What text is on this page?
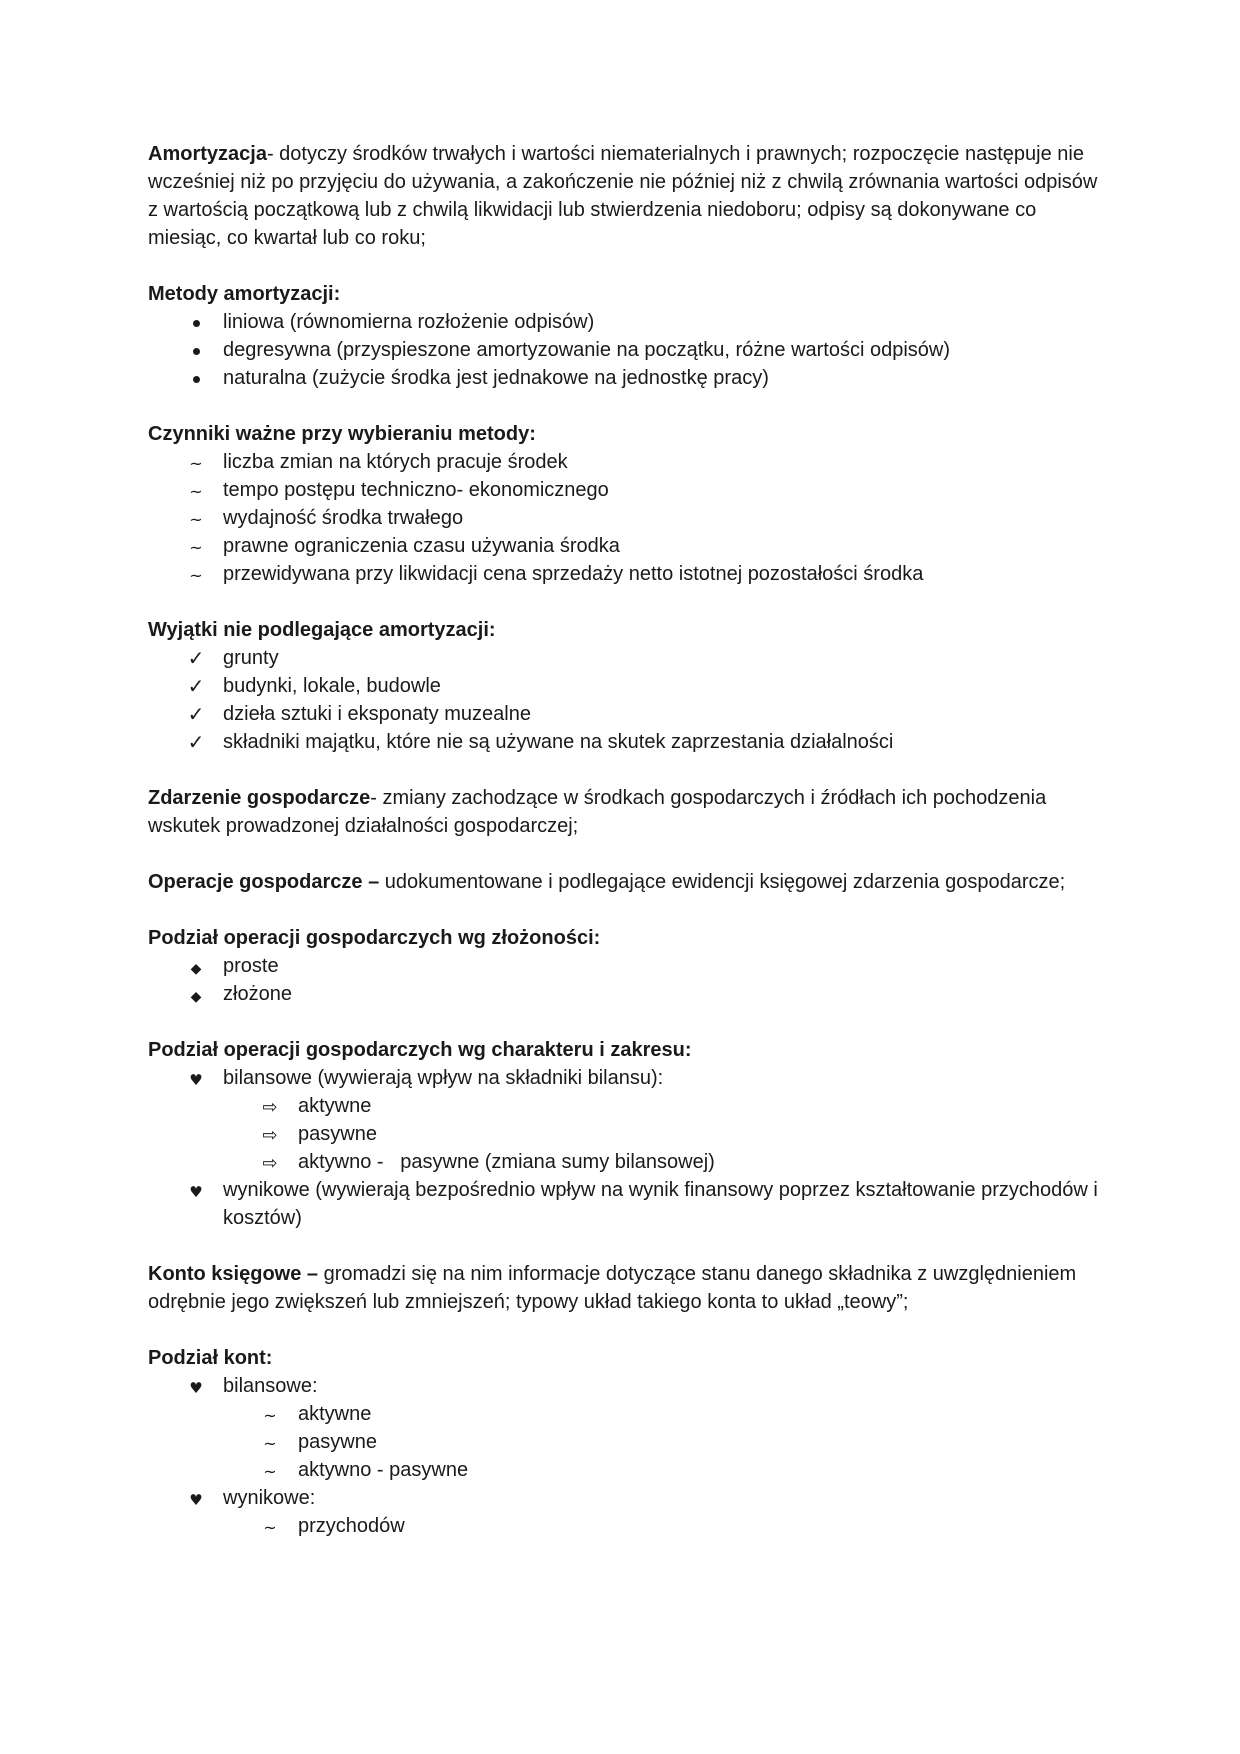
Amortyzacja- dotyczy środków trwałych i wartości niematerialnych i prawnych; rozpoczęcie następuje nie wcześniej niż po przyjęciu do używania, a zakończenie nie później niż z chwilą zrównania wartości odpisów z wartością początkową lub z chwilą likwidacji lub stwierdzenia niedoboru; odpisy są dokonywane co miesiąc, co kwartał lub co roku;

Metody amortyzacji:

liniowa (równomierna rozłożenie odpisów)
degresywna (przyspieszone amortyzowanie na początku, różne wartości odpisów)
naturalna (zużycie środka jest jednakowe na jednostkę pracy)

Czynniki ważne przy wybieraniu metody:

~
liczba zmian na których pracuje środek
~
tempo postępu techniczno- ekonomicznego
~
wydajność środka trwałego
~
prawne ograniczenia czasu używania środka
~
przewidywana przy likwidacji cena sprzedaży netto istotnej pozostałości środka

Wyjątki nie podlegające amortyzacji:

✓
grunty
✓
budynki, lokale, budowle
✓
dzieła sztuki i eksponaty muzealne
✓
składniki majątku, które nie są używane na skutek zaprzestania działalności

Zdarzenie gospodarcze- zmiany zachodzące w środkach gospodarczych i źródłach ich pochodzenia wskutek prowadzonej działalności gospodarczej;

Operacje gospodarcze – udokumentowane i podlegające ewidencji księgowej zdarzenia gospodarcze;

Podział operacji gospodarczych wg złożoności:

◆
proste
◆
złożone

Podział operacji gospodarczych wg charakteru i zakresu:

♥
bilansowe (wywierają wpływ na składniki bilansu):
⇨
aktywne
⇨
pasywne
⇨
aktywno -   pasywne (zmiana sumy bilansowej)
♥
wynikowe (wywierają bezpośrednio wpływ na wynik finansowy poprzez kształtowanie przychodów i kosztów)

Konto księgowe – gromadzi się na nim informacje dotyczące stanu danego składnika z uwzględnieniem odrębnie jego zwiększeń lub zmniejszeń; typowy układ takiego konta to układ „teowy”;

Podział kont:

♥
bilansowe:
~
aktywne
~
pasywne
~
aktywno - pasywne
♥
wynikowe:
~
przychodów
